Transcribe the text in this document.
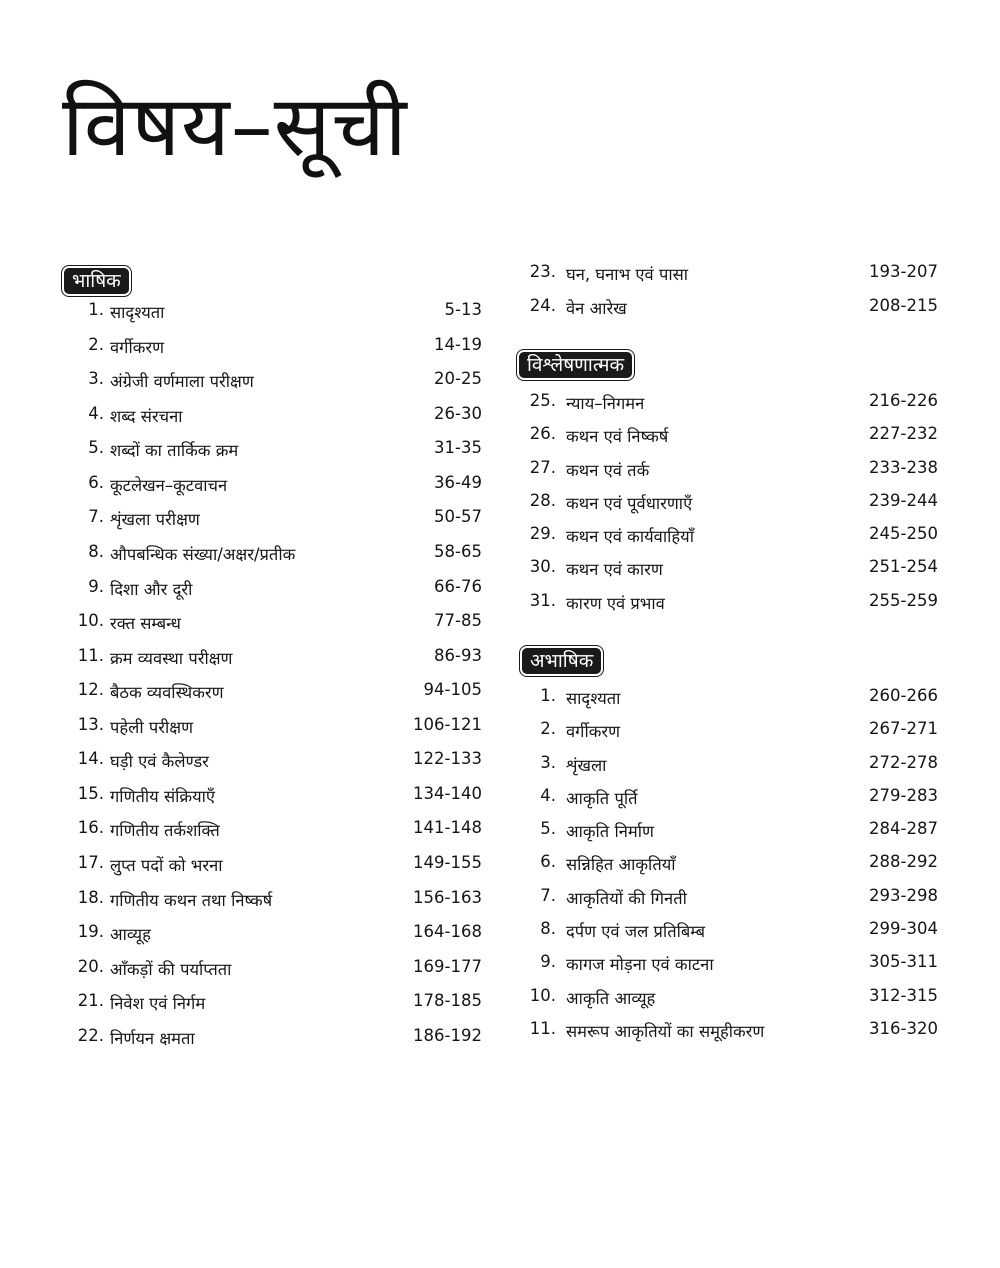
विषय–सूची
भाषिक
1. सादृश्यता	5-13
2. वर्गीकरण	14-19
3. अंग्रेजी वर्णमाला परीक्षण	20-25
4. शब्द संरचना	26-30
5. शब्दों का तार्किक क्रम	31-35
6. कूटलेखन–कूटवाचन	36-49
7. शृंखला परीक्षण	50-57
8. औपबन्धिक संख्या/अक्षर/प्रतीक	58-65
9. दिशा और दूरी	66-76
10. रक्त सम्बन्ध	77-85
11. क्रम व्यवस्था परीक्षण	86-93
12. बैठक व्यवस्थिकरण	94-105
13. पहेली परीक्षण	106-121
14. घड़ी एवं कैलेण्डर	122-133
15. गणितीय संक्रियाएँ	134-140
16. गणितीय तर्कशक्ति	141-148
17. लुप्त पदों को भरना	149-155
18. गणितीय कथन तथा निष्कर्ष	156-163
19. आव्यूह	164-168
20. आँकड़ों की पर्याप्तता	169-177
21. निवेश एवं निर्गम	178-185
22. निर्णयन क्षमता	186-192
23. घन, घनाभ एवं पासा	193-207
24. वेन आरेख	208-215
विश्लेषणात्मक
25. न्याय–निगमन	216-226
26. कथन एवं निष्कर्ष	227-232
27. कथन एवं तर्क	233-238
28. कथन एवं पूर्वधारणाएँ	239-244
29. कथन एवं कार्यवाहियाँ	245-250
30. कथन एवं कारण	251-254
31. कारण एवं प्रभाव	255-259
अभाषिक
1. सादृश्यता	260-266
2. वर्गीकरण	267-271
3. शृंखला	272-278
4. आकृति पूर्ति	279-283
5. आकृति निर्माण	284-287
6. सन्निहित आकृतियाँ	288-292
7. आकृतियों की गिनती	293-298
8. दर्पण एवं जल प्रतिबिम्ब	299-304
9. कागज मोड़ना एवं काटना	305-311
10. आकृति आव्यूह	312-315
11. समरूप आकृतियों का समूहीकरण	316-320
